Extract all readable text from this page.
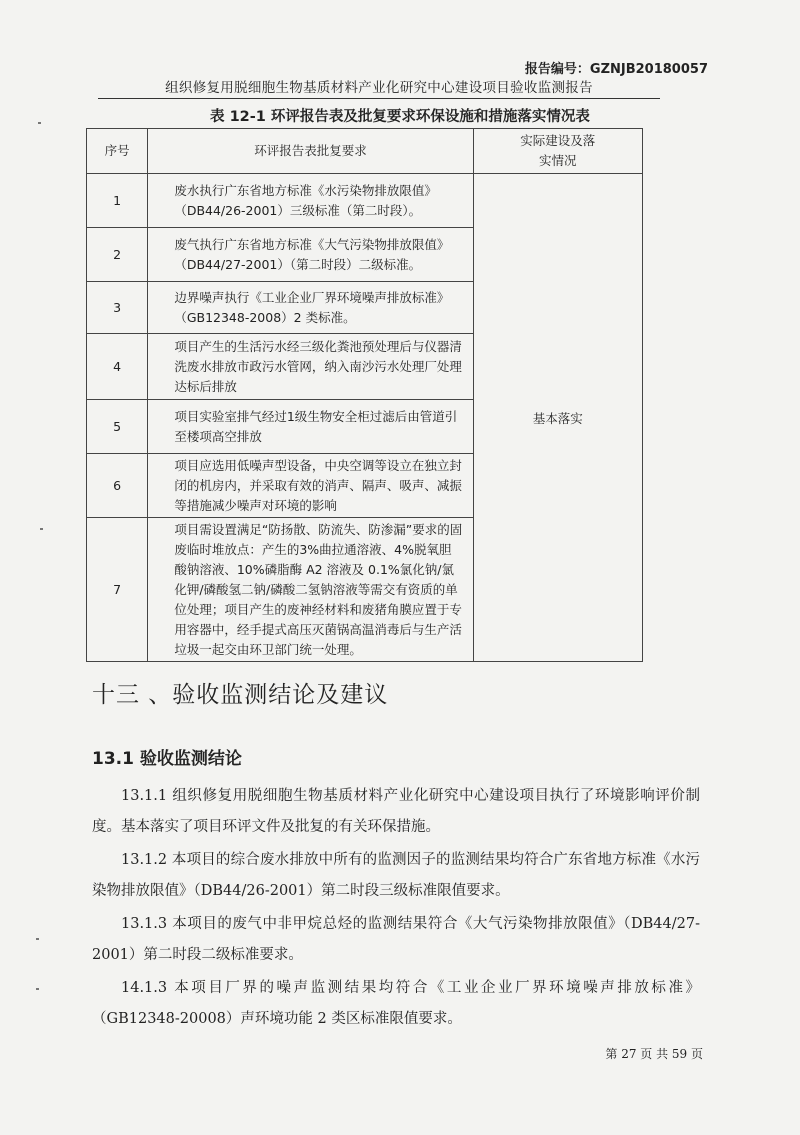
报告编号：GZNJB20180057
组织修复用脱细胞生物基质材料产业化研究中心建设项目验收监测报告
表 12-1 环评报告表及批复要求环保设施和措施落实情况表
序号	环评报告表批复要求	实际建设及落实情况
1	废水执行广东省地方标准《水污染物排放限值》（DB44/26-2001）三级标准（第二时段）。	基本落实
2	废气执行广东省地方标准《大气污染物排放限值》（DB44/27-2001）（第二时段）二级标准。	

3	边界噪声执行《工业企业厂界环境噪声排放标准》（GB12348-2008）2 类标准。	

4	项目产生的生活污水经三级化粪池预处理后与仪器清洗废水排放市政污水管网，纳入南沙污水处理厂处理达标后排放	

5	项目实验室排气经过1级生物安全柜过滤后由管道引至楼项高空排放	

6	项目应选用低噪声型设备，中央空调等设立在独立封闭的机房内，并采取有效的消声、隔声、吸声、减振等措施减少噪声对环境的影响	

7	项目需设置满足“防扬散、防流失、防渗漏”要求的固废临时堆放点：产生的3%曲拉通溶液、4%脱氧胆酸钠溶液、10%磷脂酶 A2 溶液及 0.1%氯化钠/氯化钾/磷酸氢二钠/磷酸二氢钠溶液等需交有资质的单位处理；项目产生的废神经材料和废猪角膜应置于专用容器中，经手提式高压灭菌锅高温消毒后与生产活垃圾一起交由环卫部门统一处理。	
十三 、验收监测结论及建议
13.1 验收监测结论
13.1.1 组织修复用脱细胞生物基质材料产业化研究中心建设项目执行了环境影响评价制度。基本落实了项目环评文件及批复的有关环保措施。
13.1.2 本项目的综合废水排放中所有的监测因子的监测结果均符合广东省地方标准《水污染物排放限值》（DB44/26-2001）第二时段三级标准限值要求。
13.1.3 本项目的废气中非甲烷总烃的监测结果符合《大气污染物排放限值》（DB44/27-2001）第二时段二级标准要求。
14.1.3 本项目厂界的噪声监测结果均符合《工业企业厂界环境噪声排放标准》（GB12348-20008）声环境功能 2 类区标准限值要求。
第 27 页 共 59 页
